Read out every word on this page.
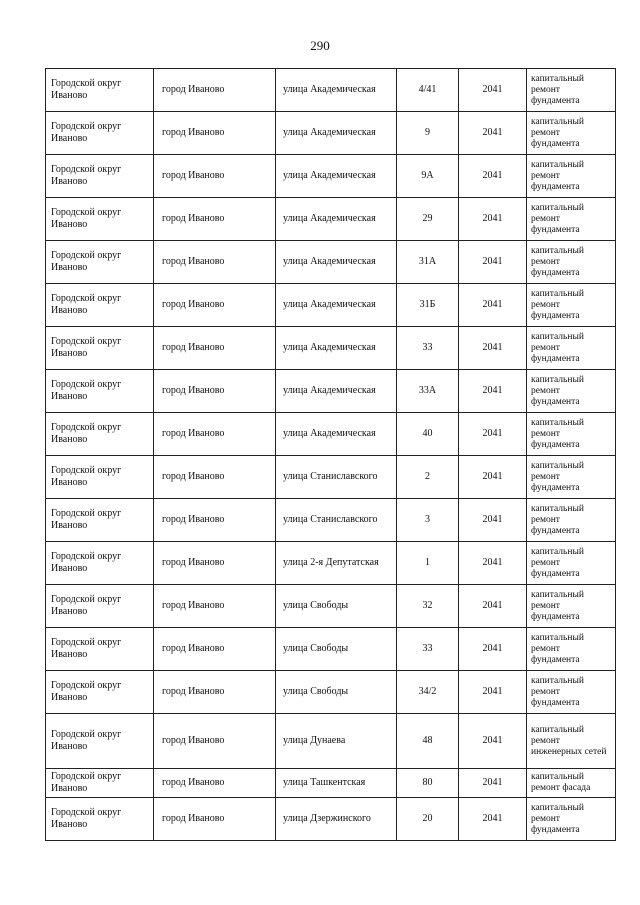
290
Городской округ Иваново	город Иваново	улица Академическая	4/41	2041	капитальный ремонт фундамента
Городской округ Иваново	город Иваново	улица Академическая	9	2041	капитальный ремонт фундамента
Городской округ Иваново	город Иваново	улица Академическая	9А	2041	капитальный ремонт фундамента
Городской округ Иваново	город Иваново	улица Академическая	29	2041	капитальный ремонт фундамента
Городской округ Иваново	город Иваново	улица Академическая	31А	2041	капитальный ремонт фундамента
Городской округ Иваново	город Иваново	улица Академическая	31Б	2041	капитальный ремонт фундамента
Городской округ Иваново	город Иваново	улица Академическая	33	2041	капитальный ремонт фундамента
Городской округ Иваново	город Иваново	улица Академическая	33А	2041	капитальный ремонт фундамента
Городской округ Иваново	город Иваново	улица Академическая	40	2041	капитальный ремонт фундамента
Городской округ Иваново	город Иваново	улица Станиславского	2	2041	капитальный ремонт фундамента
Городской округ Иваново	город Иваново	улица Станиславского	3	2041	капитальный ремонт фундамента
Городской округ Иваново	город Иваново	улица 2-я Депутатская	1	2041	капитальный ремонт фундамента
Городской округ Иваново	город Иваново	улица Свободы	32	2041	капитальный ремонт фундамента
Городской округ Иваново	город Иваново	улица Свободы	33	2041	капитальный ремонт фундамента
Городской округ Иваново	город Иваново	улица Свободы	34/2	2041	капитальный ремонт фундамента
Городской округ Иваново	город Иваново	улица Дунаева	48	2041	капитальный ремонт инженерных сетей
Городской округ Иваново	город Иваново	улица Ташкентская	80	2041	капитальный ремонт фасада
Городской округ Иваново	город Иваново	улица Дзержинского	20	2041	капитальный ремонт фундамента
